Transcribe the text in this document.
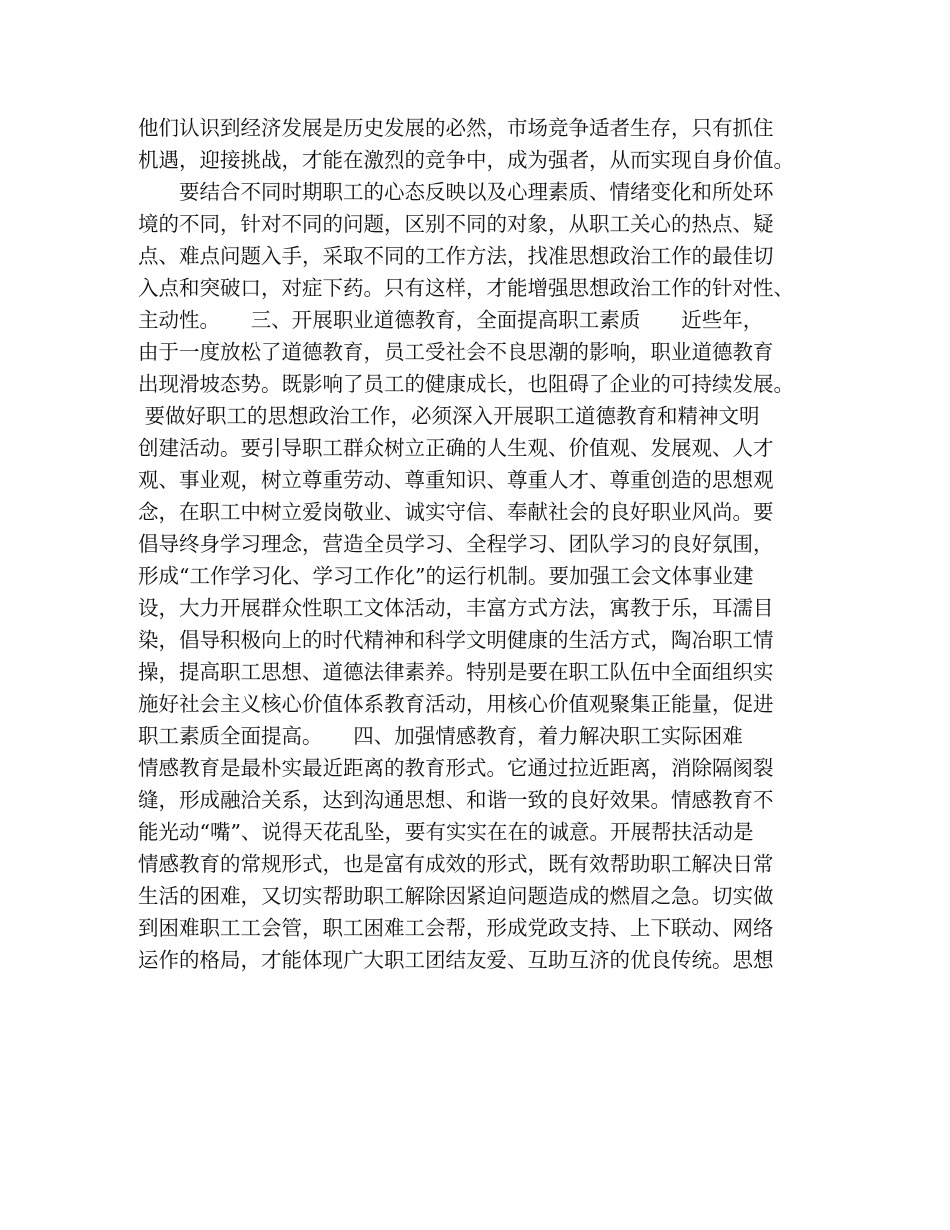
他们认识到经济发展是历史发展的必然，市场竞争适者生存，只有抓住
机遇，迎接挑战，才能在激烈的竞争中，成为强者，从而实现自身价值。
　　要结合不同时期职工的心态反映以及心理素质、情绪变化和所处环
境的不同，针对不同的问题，区别不同的对象，从职工关心的热点、疑
点、难点问题入手，采取不同的工作方法，找准思想政治工作的最佳切
入点和突破口，对症下药。只有这样，才能增强思想政治工作的针对性、
主动性。　　三、开展职业道德教育，全面提高职工素质　　近些年，
由于一度放松了道德教育，员工受社会不良思潮的影响，职业道德教育
出现滑坡态势。既影响了员工的健康成长，也阻碍了企业的可持续发展。
要做好职工的思想政治工作，必须深入开展职工道德教育和精神文明
创建活动。要引导职工群众树立正确的人生观、价值观、发展观、人才
观、事业观，树立尊重劳动、尊重知识、尊重人才、尊重创造的思想观
念，在职工中树立爱岗敬业、诚实守信、奉献社会的良好职业风尚。要
倡导终身学习理念，营造全员学习、全程学习、团队学习的良好氛围，
形成“工作学习化、学习工作化”的运行机制。要加强工会文体事业建
设，大力开展群众性职工文体活动，丰富方式方法，寓教于乐，耳濡目
染，倡导积极向上的时代精神和科学文明健康的生活方式，陶冶职工情
操，提高职工思想、道德法律素养。特别是要在职工队伍中全面组织实
施好社会主义核心价值体系教育活动，用核心价值观聚集正能量，促进
职工素质全面提高。　　四、加强情感教育，着力解决职工实际困难
情感教育是最朴实最近距离的教育形式。它通过拉近距离，消除隔阂裂
缝，形成融洽关系，达到沟通思想、和谐一致的良好效果。情感教育不
能光动“嘴”、说得天花乱坠，要有实实在在的诚意。开展帮扶活动是
情感教育的常规形式，也是富有成效的形式，既有效帮助职工解决日常
生活的困难，又切实帮助职工解除因紧迫问题造成的燃眉之急。切实做
到困难职工工会管，职工困难工会帮，形成党政支持、上下联动、网络
运作的格局，才能体现广大职工团结友爱、互助互济的优良传统。思想
